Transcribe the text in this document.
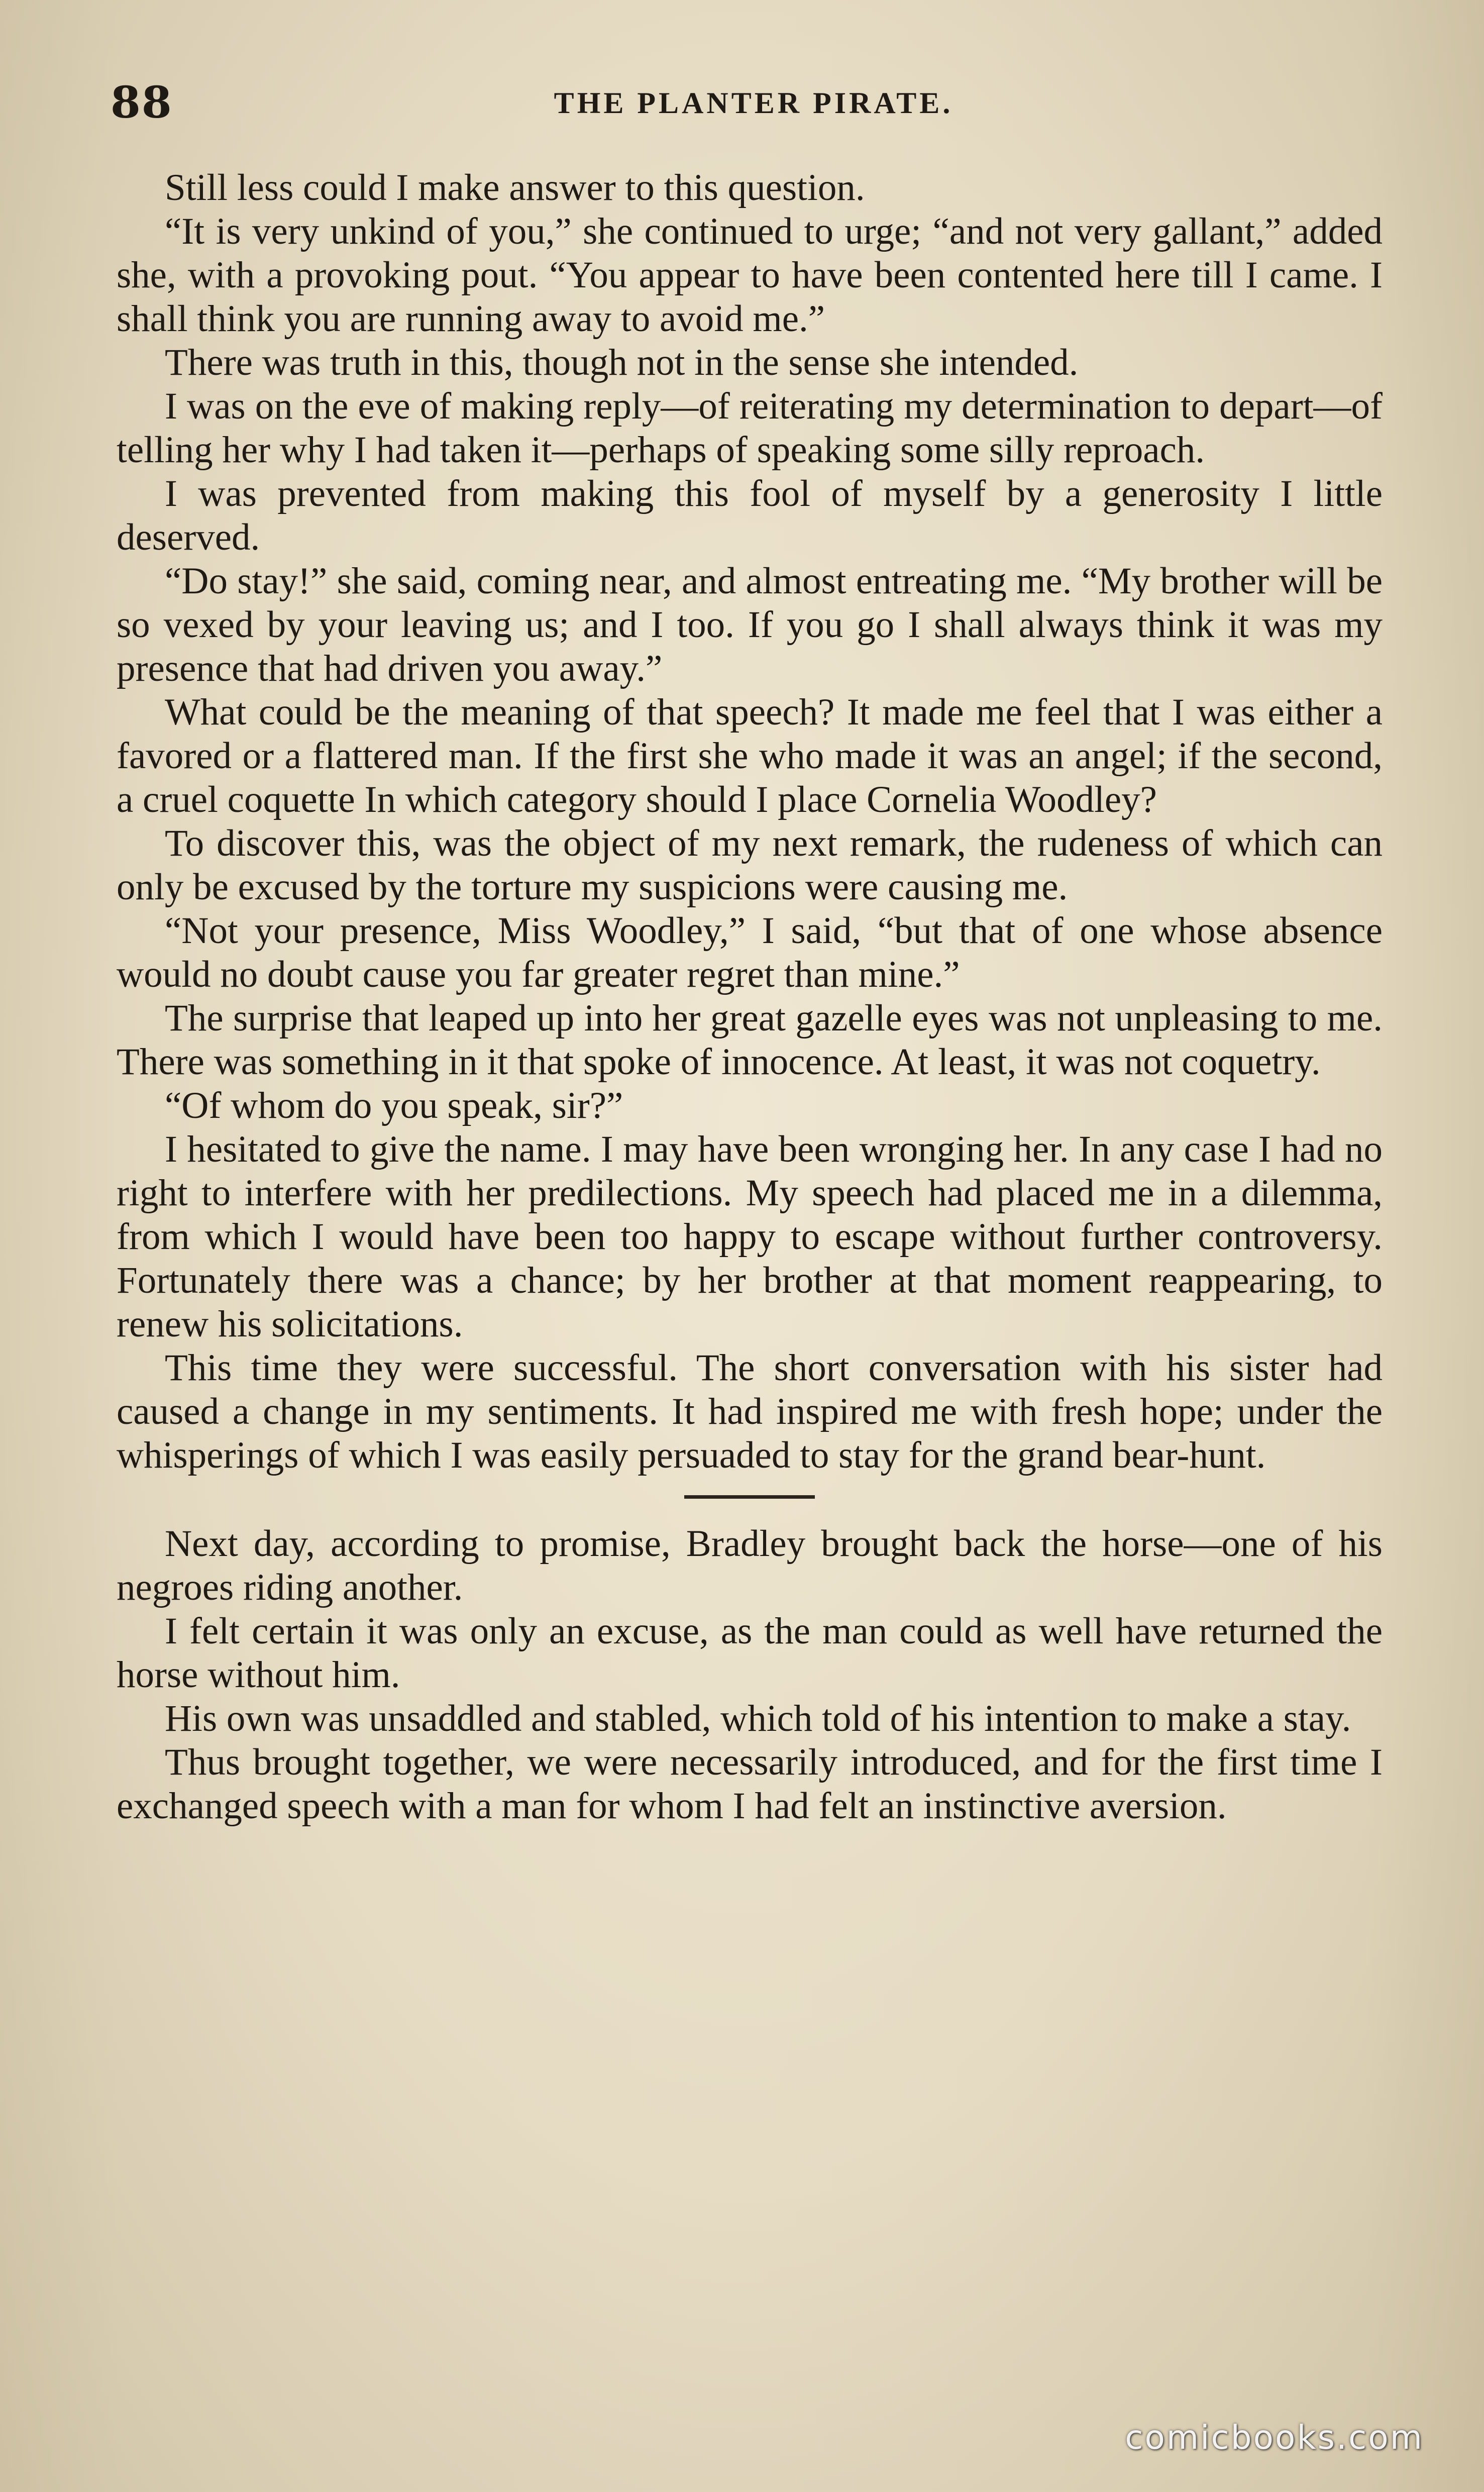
88	THE PLANTER PIRATE.

Still less could I make answer to this question.

“It is very unkind of you,” she continued to urge; “and not very gallant,” added she, with a provoking pout. “You appear to have been contented here till I came. I shall think you are running away to avoid me.”

There was truth in this, though not in the sense she intended.

I was on the eve of making reply—of reiterating my determination to depart—of telling her why I had taken it—perhaps of speaking some silly reproach.

I was prevented from making this fool of myself by a generosity I little deserved.

“Do stay!” she said, coming near, and almost entreating me. “My brother will be so vexed by your leaving us; and I too. If you go I shall always think it was my presence that had driven you away.”

What could be the meaning of that speech? It made me feel that I was either a favored or a flattered man. If the first she who made it was an angel; if the second, a cruel coquette In which category should I place Cornelia Woodley?

To discover this, was the object of my next remark, the rudeness of which can only be excused by the torture my suspicions were causing me.

“Not your presence, Miss Woodley,” I said, “but that of one whose absence would no doubt cause you far greater regret than mine.”

The surprise that leaped up into her great gazelle eyes was not unpleasing to me. There was something in it that spoke of innocence. At least, it was not coquetry.

“Of whom do you speak, sir?”

I hesitated to give the name. I may have been wronging her. In any case I had no right to interfere with her predilections. My speech had placed me in a dilemma, from which I would have been too happy to escape without further controversy. Fortunately there was a chance; by her brother at that moment reappearing, to renew his solicitations.

This time they were successful. The short conversation with his sister had caused a change in my sentiments. It had inspired me with fresh hope; under the whisperings of which I was easily persuaded to stay for the grand bear-hunt.

Next day, according to promise, Bradley brought back the horse—one of his negroes riding another.

I felt certain it was only an excuse, as the man could as well have returned the horse without him.

His own was unsaddled and stabled, which told of his intention to make a stay.

Thus brought together, we were necessarily introduced, and for the first time I exchanged speech with a man for whom I had felt an instinctive aversion.

comicbooks.com
